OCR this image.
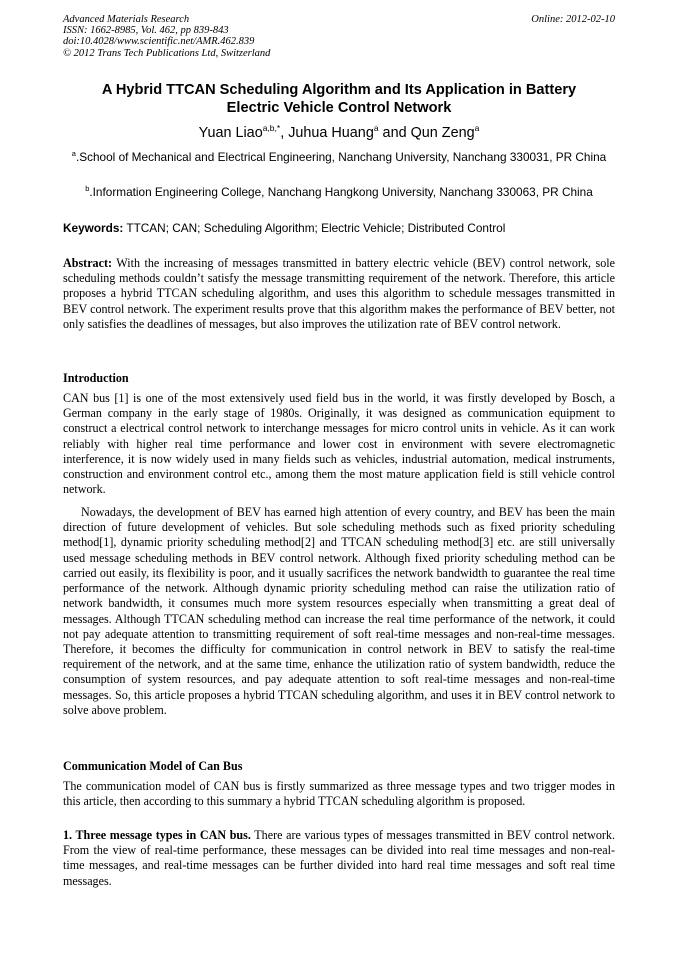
Advanced Materials Research
ISSN: 1662-8985, Vol. 462, pp 839-843
doi:10.4028/www.scientific.net/AMR.462.839
© 2012 Trans Tech Publications Ltd, Switzerland
Online: 2012-02-10
A Hybrid TTCAN Scheduling Algorithm and Its Application in Battery
Electric Vehicle Control Network
Yuan Liao$^{a,b,*}$, Juhua Huang$^a$ and Qun Zeng$^a$
$^a$.School of Mechanical and Electrical Engineering, Nanchang University, Nanchang 330031, PR China
$^b$.Information Engineering College, Nanchang Hangkong University, Nanchang 330063, PR China
Keywords: TTCAN; CAN; Scheduling Algorithm; Electric Vehicle; Distributed Control

Abstract: With the increasing of messages transmitted in battery electric vehicle (BEV) control network, sole scheduling methods couldn’t satisfy the message transmitting requirement of the network. Therefore, this article proposes a hybrid TTCAN scheduling algorithm, and uses this algorithm to schedule messages transmitted in BEV control network. The experiment results prove that this algorithm makes the performance of BEV better, not only satisfies the deadlines of messages, but also improves the utilization rate of BEV control network.

Introduction

CAN bus [1] is one of the most extensively used field bus in the world, it was firstly developed by Bosch, a German company in the early stage of 1980s. Originally, it was designed as communication equipment to construct a electrical control network to interchange messages for micro control units in vehicle. As it can work reliably with higher real time performance and lower cost in environment with severe electromagnetic interference, it is now widely used in many fields such as vehicles, industrial automation, medical instruments, construction and environment control etc., among them the most mature application field is still vehicle control network.

Nowadays, the development of BEV has earned high attention of every country, and BEV has been the main direction of future development of vehicles. But sole scheduling methods such as fixed priority scheduling method[1], dynamic priority scheduling method[2] and TTCAN scheduling method[3] etc. are still universally used message scheduling methods in BEV control network. Although fixed priority scheduling method can be carried out easily, its flexibility is poor, and it usually sacrifices the network bandwidth to guarantee the real time performance of the network. Although dynamic priority scheduling method can raise the utilization ratio of network bandwidth, it consumes much more system resources especially when transmitting a great deal of messages. Although TTCAN scheduling method can increase the real time performance of the network, it could not pay adequate attention to transmitting requirement of soft real-time messages and non-real-time messages. Therefore, it becomes the difficulty for communication in control network in BEV to satisfy the real-time requirement of the network, and at the same time, enhance the utilization ratio of system bandwidth, reduce the consumption of system resources, and pay adequate attention to soft real-time messages and non-real-time messages. So, this article proposes a hybrid TTCAN scheduling algorithm, and uses it in BEV control network to solve above problem.

Communication Model of Can Bus

The communication model of CAN bus is firstly summarized as three message types and two trigger modes in this article, then according to this summary a hybrid TTCAN scheduling algorithm is proposed.

1. Three message types in CAN bus. There are various types of messages transmitted in BEV control network. From the view of real-time performance, these messages can be divided into real time messages and non-real-time messages, and real-time messages can be further divided into hard real time messages and soft real time messages.
